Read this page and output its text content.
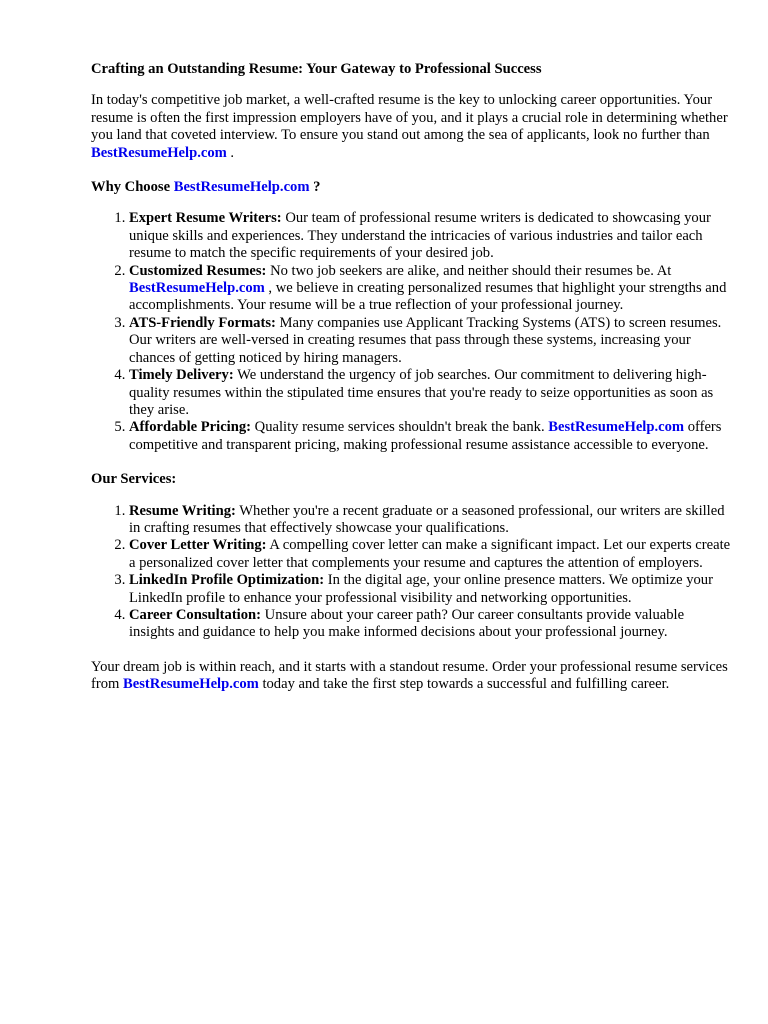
Crafting an Outstanding Resume: Your Gateway to Professional Success

In today's competitive job market, a well-crafted resume is the key to unlocking career opportunities. Your resume is often the first impression employers have of you, and it plays a crucial role in determining whether you land that coveted interview. To ensure you stand out among the sea of applicants, look no further than BestResumeHelp.com .

Why Choose BestResumeHelp.com ?
1. Expert Resume Writers: Our team of professional resume writers is dedicated to showcasing your unique skills and experiences. They understand the intricacies of various industries and tailor each resume to match the specific requirements of your desired job.
2. Customized Resumes: No two job seekers are alike, and neither should their resumes be. At BestResumeHelp.com , we believe in creating personalized resumes that highlight your strengths and accomplishments. Your resume will be a true reflection of your professional journey.
3. ATS-Friendly Formats: Many companies use Applicant Tracking Systems (ATS) to screen resumes. Our writers are well-versed in creating resumes that pass through these systems, increasing your chances of getting noticed by hiring managers.
4. Timely Delivery: We understand the urgency of job searches. Our commitment to delivering high-quality resumes within the stipulated time ensures that you're ready to seize opportunities as soon as they arise.
5. Affordable Pricing: Quality resume services shouldn't break the bank. BestResumeHelp.com offers competitive and transparent pricing, making professional resume assistance accessible to everyone.
Our Services:
1. Resume Writing: Whether you're a recent graduate or a seasoned professional, our writers are skilled in crafting resumes that effectively showcase your qualifications.
2. Cover Letter Writing: A compelling cover letter can make a significant impact. Let our experts create a personalized cover letter that complements your resume and captures the attention of employers.
3. LinkedIn Profile Optimization: In the digital age, your online presence matters. We optimize your LinkedIn profile to enhance your professional visibility and networking opportunities.
4. Career Consultation: Unsure about your career path? Our career consultants provide valuable insights and guidance to help you make informed decisions about your professional journey.

Your dream job is within reach, and it starts with a standout resume. Order your professional resume services from BestResumeHelp.com today and take the first step towards a successful and fulfilling career.
